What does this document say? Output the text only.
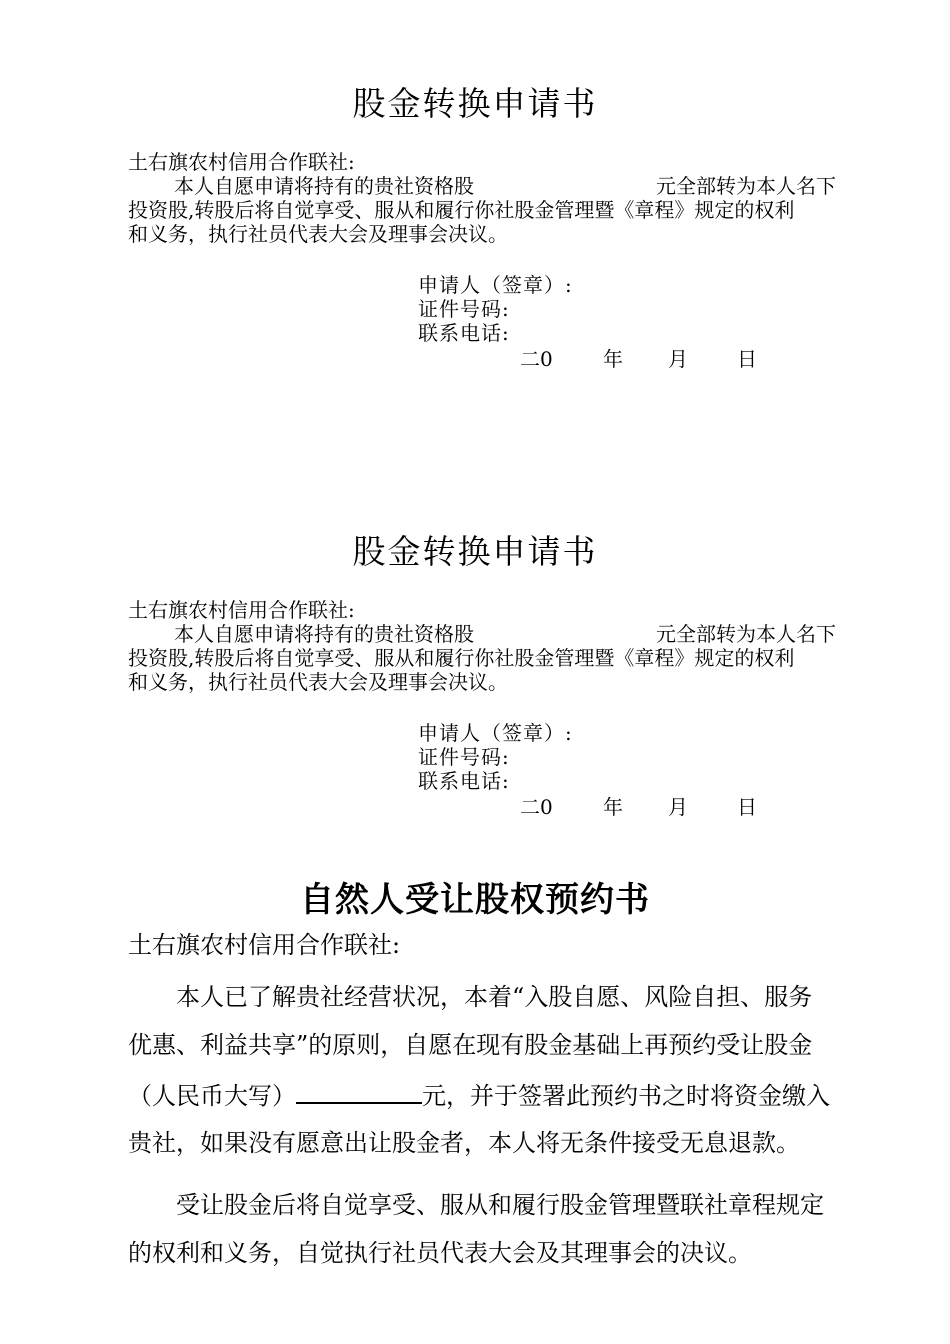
股金转换申请书

土右旗农村信用合作联社:

本人自愿申请将持有的贵社资格股	元全部转为本人名下

投资股,转股后将自觉享受、服从和履行你社股金管理暨《章程》规定的权利

和义务，执行社员代表大会及理事会决议。

申请人（签章）:
证件号码:
联系电话:
二0	年 月 日
股金转换申请书

土右旗农村信用合作联社:

本人自愿申请将持有的贵社资格股	元全部转为本人名下

投资股,转股后将自觉享受、服从和履行你社股金管理暨《章程》规定的权利

和义务，执行社员代表大会及理事会决议。

申请人（签章）:
证件号码:
联系电话:
二0	年 月 日
自然人受让股权预约书

土右旗农村信用合作联社:

本人已了解贵社经营状况，本着“入股自愿、风险自担、服务

优惠、利益共享”的原则，自愿在现有股金基础上再预约受让股金

（人民币大写）	元，并于签署此预约书之时将资金缴入

贵社，如果没有愿意出让股金者，本人将无条件接受无息退款。

受让股金后将自觉享受、服从和履行股金管理暨联社章程规定

的权利和义务，自觉执行社员代表大会及其理事会的决议。
